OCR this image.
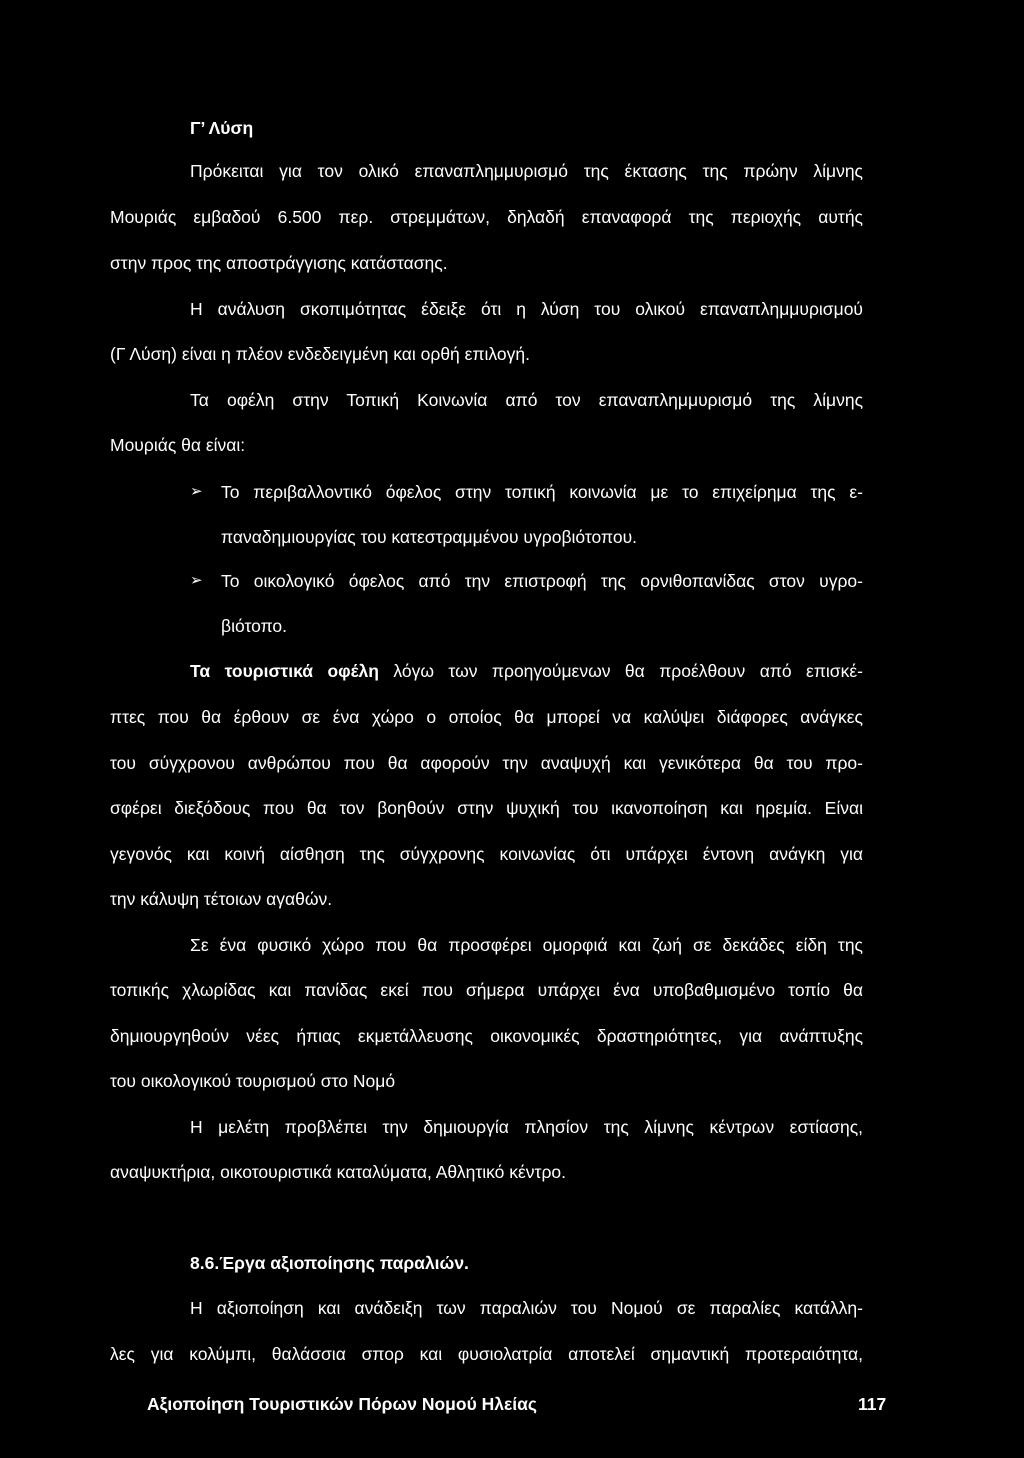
Γ’ Λύση

Πρόκειται για τον ολικό επαναπλημμυρισμό της έκτασης της πρώην λίμνης

Μουριάς εμβαδού 6.500 περ. στρεμμάτων, δηλαδή επαναφορά της περιοχής αυτής

στην προς της αποστράγγισης κατάστασης.

Η ανάλυση σκοπιμότητας έδειξε ότι η λύση του ολικού επαναπλημμυρισμού

(Γ Λύση) είναι η πλέον ενδεδειγμένη και ορθή επιλογή.

Τα οφέλη στην Τοπική Κοινωνία από τον επαναπλημμυρισμό της λίμνης

Μουριάς θα είναι:

➢ Το περιβαλλοντικό όφελος στην τοπική κοινωνία με το επιχείρημα της ε-

παναδημιουργίας του κατεστραμμένου υγροβιότοπου.

➢ Το οικολογικό όφελος από την επιστροφή της ορνιθοπανίδας στον υγρο-

βιότοπο.

Τα τουριστικά οφέλη λόγω των προηγούμενων θα προέλθουν από επισκέ-

πτες που θα έρθουν σε ένα χώρο ο οποίος θα μπορεί να καλύψει διάφορες ανάγκες

του σύγχρονου ανθρώπου που θα αφορούν την αναψυχή και γενικότερα θα του προ-

σφέρει διεξόδους που θα τον βοηθούν στην ψυχική του ικανοποίηση και ηρεμία. Είναι

γεγονός και κοινή αίσθηση της σύγχρονης κοινωνίας ότι υπάρχει έντονη ανάγκη για

την κάλυψη τέτοιων αγαθών.

Σε ένα φυσικό χώρο που θα προσφέρει ομορφιά και ζωή σε δεκάδες είδη της

τοπικής χλωρίδας και πανίδας εκεί που σήμερα υπάρχει ένα υποβαθμισμένο τοπίο θα

δημιουργηθούν νέες ήπιας εκμετάλλευσης οικονομικές δραστηριότητες, για ανάπτυξης

του οικολογικού τουρισμού στο Νομό

Η μελέτη προβλέπει την δημιουργία πλησίον της λίμνης κέντρων εστίασης,

αναψυκτήρια, οικοτουριστικά καταλύματα, Αθλητικό κέντρο.

8.6.Έργα αξιοποίησης παραλιών.

Η αξιοποίηση και ανάδειξη των παραλιών του Νομού σε παραλίες κατάλλη-

λες για κολύμπι, θαλάσσια σπορ και φυσιολατρία αποτελεί σημαντική προτεραιότητα,

Αξιοποίηση Τουριστικών Πόρων Νομού Ηλείας	117
